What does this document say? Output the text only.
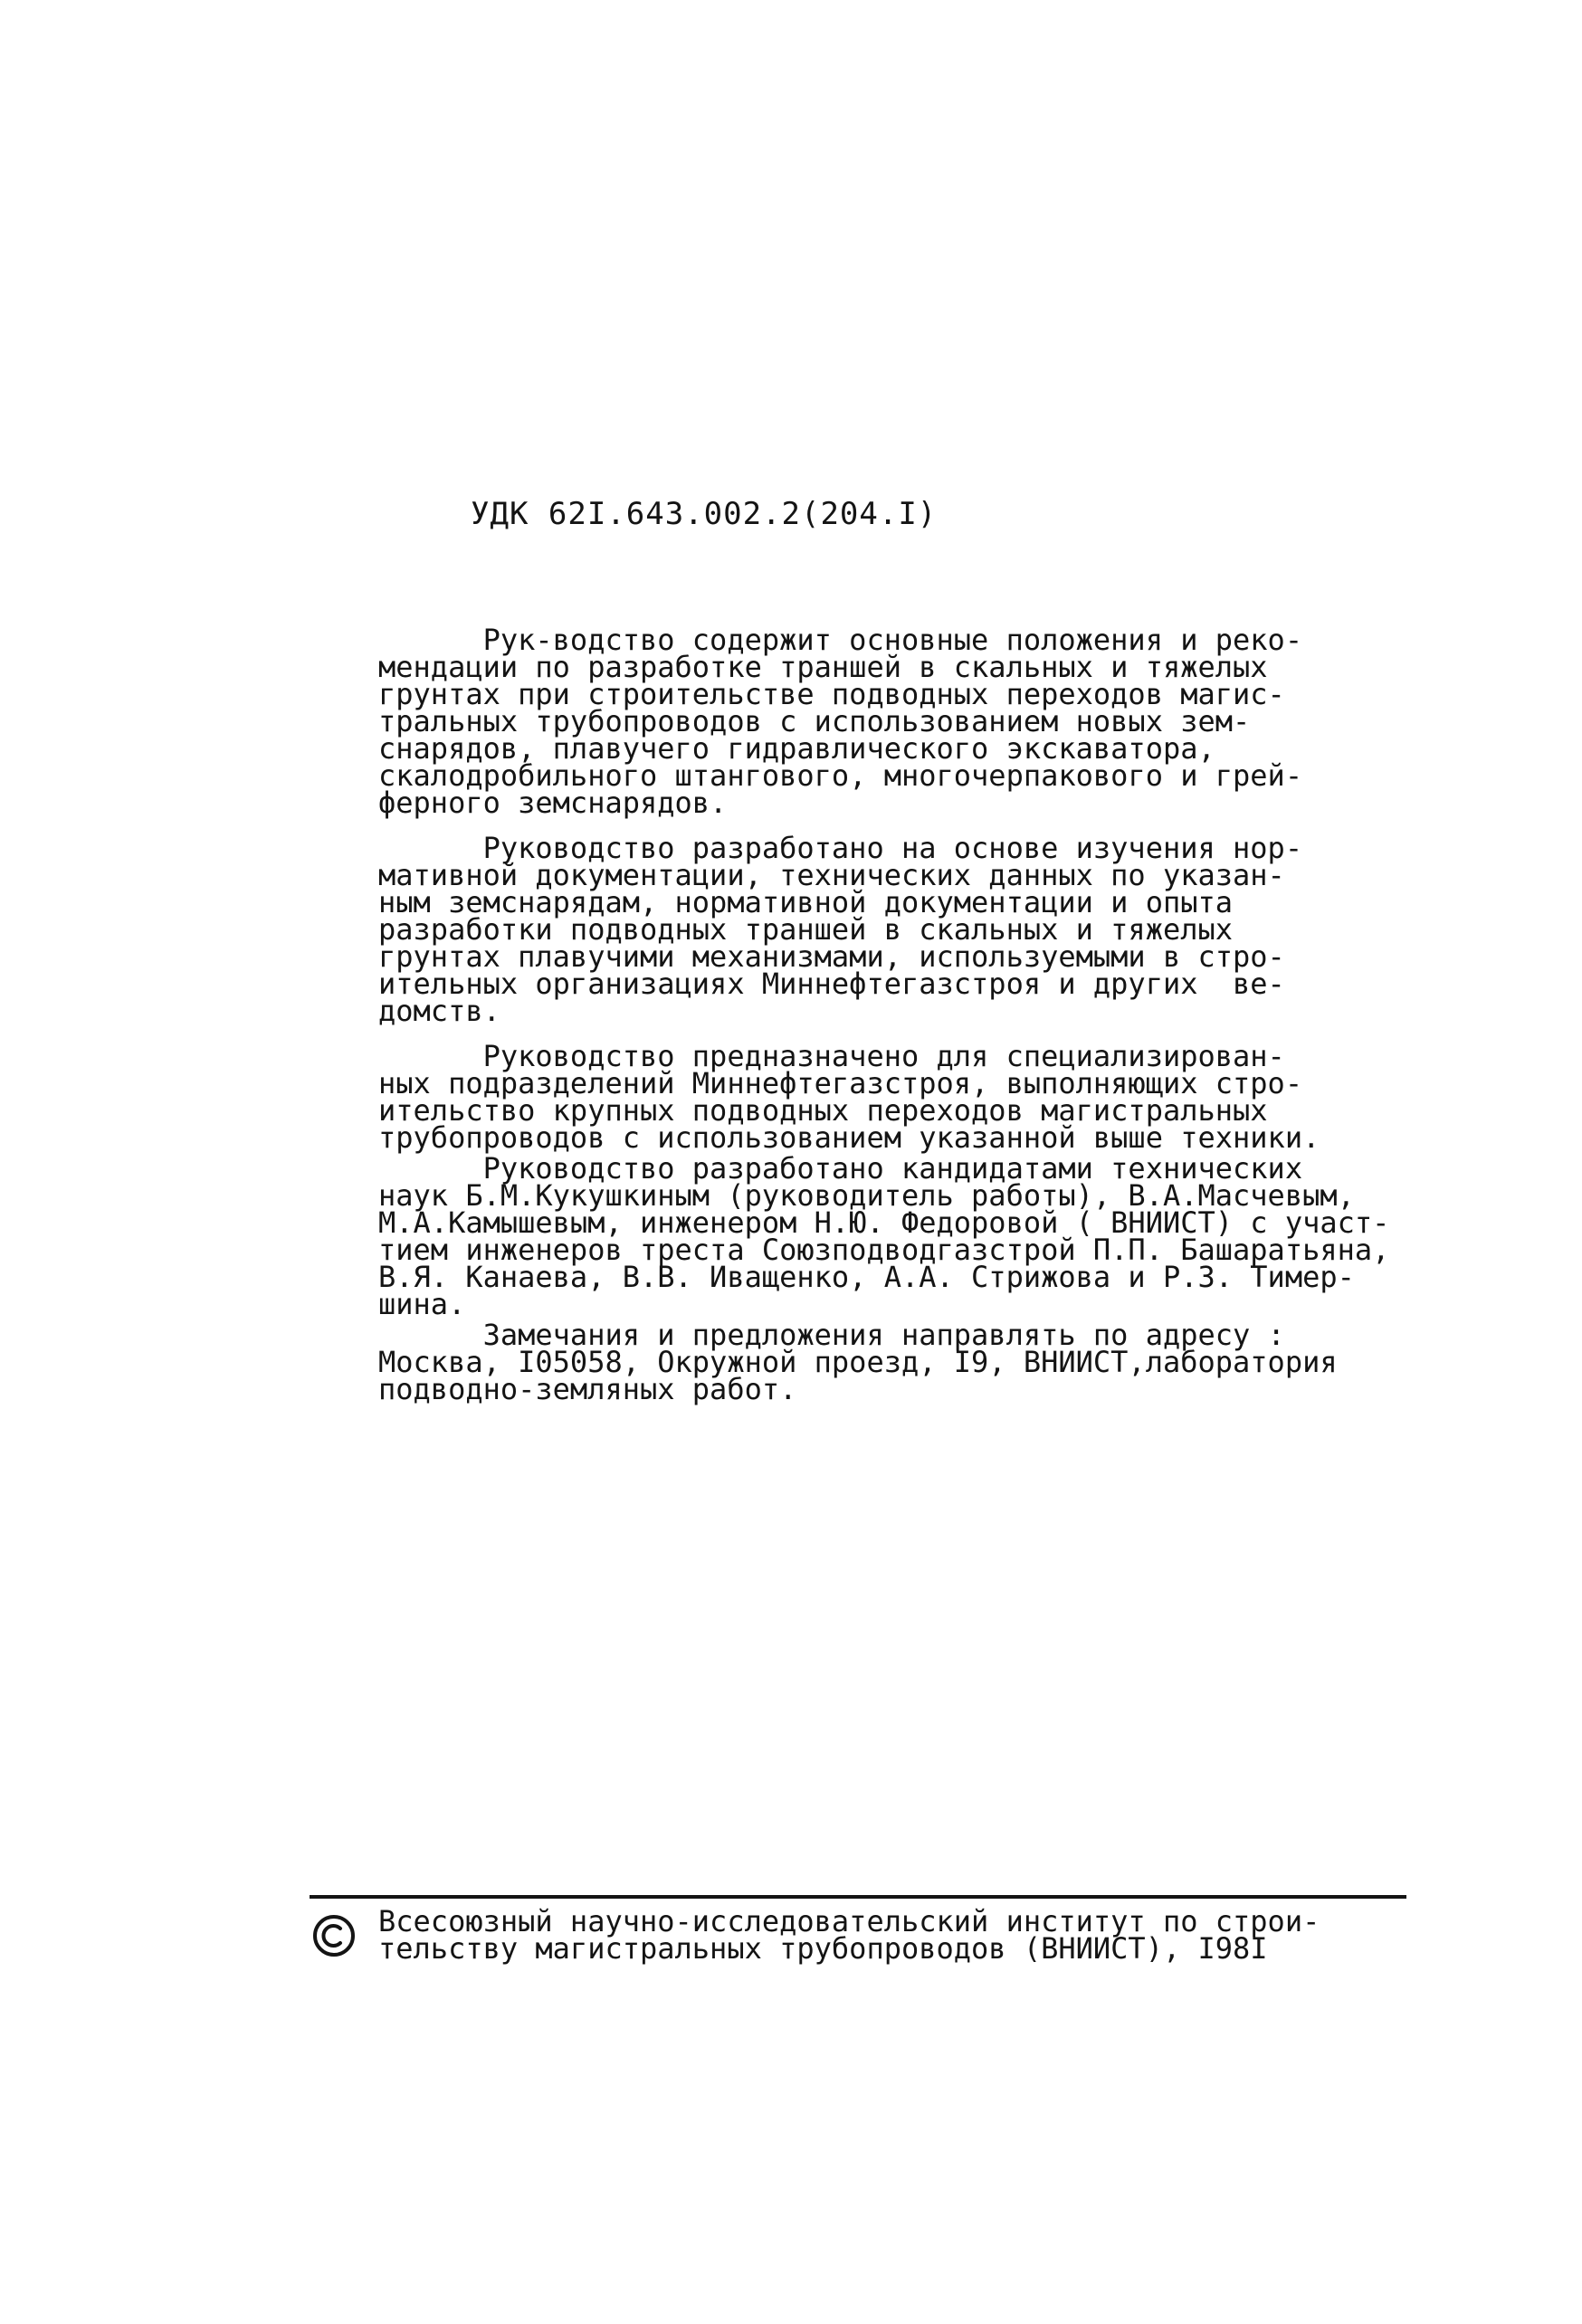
УДК 62I.643.002.2(204.I)
Рук-водство содержит основные положения и реко-
мендации по разработке траншей в скальных и тяжелых
грунтах при строительстве подводных переходов магис-
тральных трубопроводов с использованием новых зем-
снарядов, плавучего гидравлического экскаватора,
скалодробильного штангового, многочерпакового и грей-
ферного земснарядов.
Руководство разработано на основе изучения нор-
мативной документации, технических данных по указан-
ным земснарядам, нормативной документации и опыта
разработки подводных траншей в скальных и тяжелых
грунтах плавучими механизмами, используемыми в стро-
ительных организациях Миннефтегазстроя и других  ве-
домств.
Руководство предназначено для специализирован-
ных подразделений Миннефтегазстроя, выполняющих стро-
ительство крупных подводных переходов магистральных
трубопроводов с использованием указанной выше техники.
Руководство разработано кандидатами технических
наук Б.М.Кукушкиным (руководитель работы), В.А.Масчевым,
М.А.Камышевым, инженером Н.Ю. Федоровой ( ВНИИСТ) с участ-
тием инженеров треста Союзподводгазстрой П.П. Башаратьяна,
В.Я. Канаева, В.В. Иващенко, А.А. Стрижова и Р.З. Тимер-
шина.
Замечания и предложения направлять по адресу :
Москва, I05058, Окружной проезд, I9, ВНИИСТ,лаборатория
подводно-земляных работ.
Всесоюзный научно-исследовательский институт по строи-
тельству магистральных трубопроводов (ВНИИСТ), I98I
